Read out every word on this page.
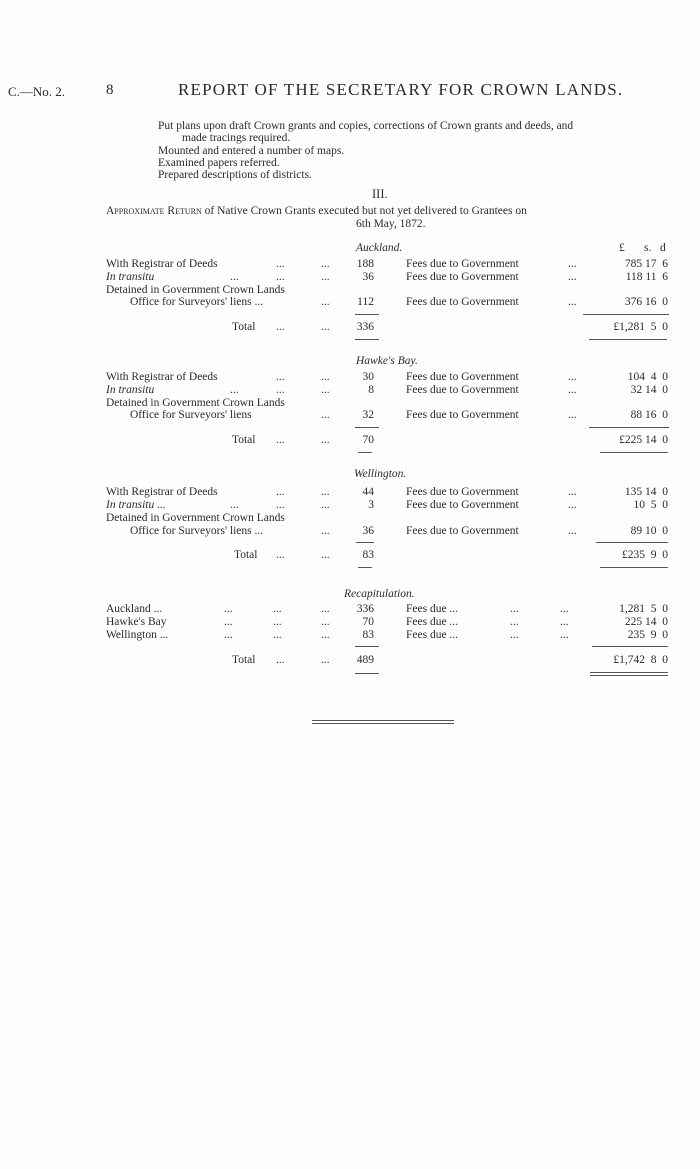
C.—No. 2.	8	REPORT OF THE SECRETARY FOR CROWN LANDS.
Put plans upon draft Crown grants and copies, corrections of Crown grants and deeds, and
made tracings required.
Mounted and entered a number of maps.
Examined papers referred.
Prepared descriptions of districts.
III.
Approximate Return of Native Crown Grants executed but not yet delivered to Grantees on
6th May, 1872.
£ s. d
Auckland.
With Registrar of Deeds	...	...	188	Fees due to Government	...	785 17  6
In transitu	...	...	...	36	Fees due to Government	...	118 11  6
Detained in Government Crown Lands
Office for Surveyors' liens ...	...	112	Fees due to Government	...	376 16  0
Total ...	...	336	£1,281  5  0
Hawke's Bay.
With Registrar of Deeds	...	...	30	Fees due to Government	...	104  4  0
In transitu	...	...	...	8	Fees due to Government	...	32 14  0
Detained in Government Crown Lands
Office for Surveyors' liens	...	32	Fees due to Government	...	88 16  0
Total ...	...	70	£225 14  0
Wellington.
With Registrar of Deeds	...	...	44	Fees due to Government	...	135 14  0
In transitu ...	...	...	...	3	Fees due to Government	...	10  5  0
Detained in Government Crown Lands
Office for Surveyors' liens ...	...	36	Fees due to Government	...	89 10  0
Total ...	...	83	£235  9  0
Recapitulation.
Auckland ...	...	...	...	336	Fees due ...	...	...	1,281  5  0
Hawke's Bay	...	...	...	70	Fees due ...	...	...	225 14  0
Wellington ...	...	...	...	83	Fees due ...	...	...	235  9  0
Total ...	...	489	£1,742  8  0
